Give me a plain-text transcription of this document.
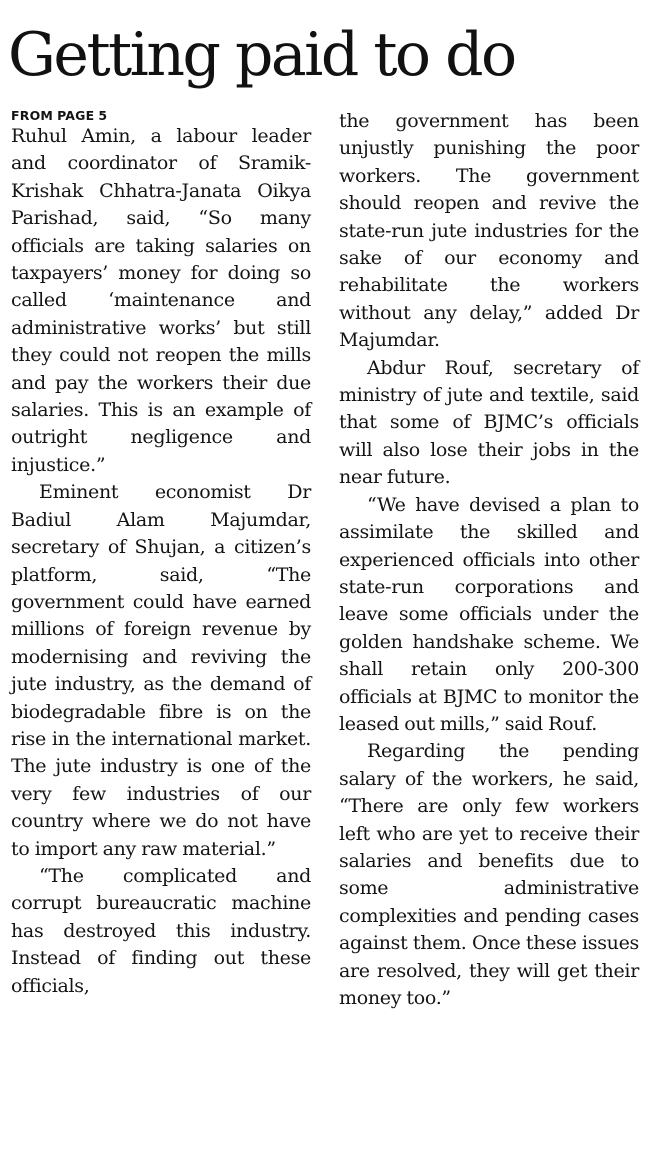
Getting paid to do
FROM PAGE 5

Ruhul Amin, a labour leader and coordinator of Sramik-Krishak Chhatra-Janata Oikya Parishad, said, “So many officials are taking salaries on taxpayers’ money for doing so called ‘maintenance and administrative works’ but still they could not reopen the mills and pay the workers their due salaries. This is an example of outright negligence and injustice.”

Eminent economist Dr Badiul Alam Majumdar, secretary of Shujan, a citizen’s platform, said, “The government could have earned millions of foreign revenue by modernising and reviving the jute industry, as the demand of biodegradable fibre is on the rise in the international market. The jute industry is one of the very few industries of our country where we do not have to import any raw material.”

“The complicated and corrupt bureaucratic machine has destroyed this industry. Instead of finding out these officials,

the government has been unjustly punishing the poor workers. The government should reopen and revive the state-run jute industries for the sake of our economy and rehabilitate the workers without any delay,” added Dr Majumdar.

Abdur Rouf, secretary of ministry of jute and textile, said that some of BJMC’s officials will also lose their jobs in the near future.

“We have devised a plan to assimilate the skilled and experienced officials into other state-run corporations and leave some officials under the golden handshake scheme. We shall retain only 200-300 officials at BJMC to monitor the leased out mills,” said Rouf.

Regarding the pending salary of the workers, he said, “There are only few workers left who are yet to receive their salaries and benefits due to some administrative complexities and pending cases against them. Once these issues are resolved, they will get their money too.”
